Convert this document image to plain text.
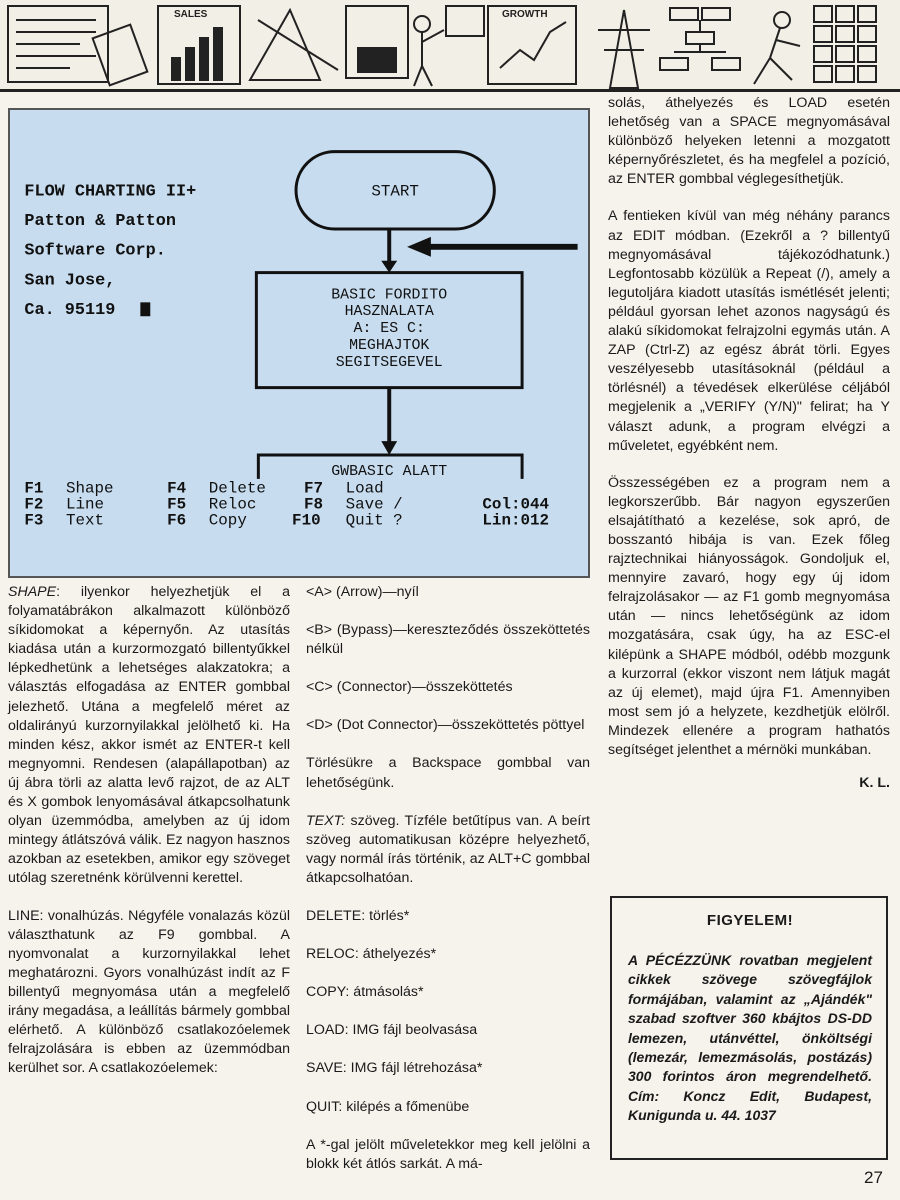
SALES	GROWTH
FLOW CHARTING II+
Patton & Patton
Software Corp.
San Jose,
Ca. 95119
START
BASIC FORDITO
HASZNALATA
A: ES C:
MEGHAJTOK
SEGITSEGEVEL
GWBASIC ALATT
F1
F2
F3
F4
F5
F6
F7
F8
F10
Shape
Line
Text
Delete
Reloc
Copy
Load
Save /
Quit ?
Col:044
Lin:012

SHAPE: ilyenkor helyezhetjük el a folyamatábrákon alkalmazott különböző síkidomokat a képernyőn. Az utasítás kiadása után a kurzormozgató billentyűkkel lépkedhetünk a lehetséges alakzatokra; a választás elfogadása az ENTER gombbal jelezhető. Utána a megfelelő méret az oldalirányú kurzornyilakkal jelölhető ki. Ha minden kész, akkor ismét az ENTER-t kell megnyomni. Rendesen (alapállapotban) az új ábra törli az alatta levő rajzot, de az ALT és X gombok lenyomásával átkapcsolhatunk olyan üzemmódba, amelyben az új idom mintegy átlátszóvá válik. Ez nagyon hasznos azokban az esetekben, amikor egy szöveget utólag szeretnénk körülvenni kerettel.

LINE: vonalhúzás. Négyféle vonalazás közül választhatunk az F9 gombbal. A nyomvonalat a kurzornyilakkal lehet meghatározni. Gyors vonalhúzást indít az F billentyű megnyomása után a megfelelő irány megadása, a leállítás bármely gombbal elérhető. A különböző csatlakozóelemek felrajzolására is ebben az üzemmódban kerülhet sor. A csatlakozóelemek:

<A> (Arrow)—nyíl

<B> (Bypass)—kereszteződés összeköttetés nélkül

<C> (Connector)—összeköttetés

<D> (Dot Connector)—összeköttetés pöttyel

Törlésükre a Backspace gombbal van lehetőségünk.

TEXT: szöveg. Tízféle betűtípus van. A beírt szöveg automatikusan középre helyezhető, vagy normál írás történik, az ALT+C gombbal átkapcsolhatóan.

DELETE: törlés*

RELOC: áthelyezés*

COPY: átmásolás*

LOAD: IMG fájl beolvasása

SAVE: IMG fájl létrehozása*

QUIT: kilépés a főmenübe

A *-gal jelölt műveletekkor meg kell jelölni a blokk két átlós sarkát. A má-

solás, áthelyezés és LOAD esetén lehetőség van a SPACE megnyomásával különböző helyeken letenni a mozgatott képernyőrészletet, és ha megfelel a pozíció, az ENTER gombbal véglegesíthetjük.

A fentieken kívül van még néhány parancs az EDIT módban. (Ezekről a ? billentyű megnyomásával tájékozódhatunk.) Legfontosabb közülük a Repeat (/), amely a legutoljára kiadott utasítás ismétlését jelenti; például gyorsan lehet azonos nagyságú és alakú síkidomokat felrajzolni egymás után. A ZAP (Ctrl-Z) az egész ábrát törli. Egyes veszélyesebb utasításoknál (például a törlésnél) a tévedések elkerülése céljából megjelenik a „VERIFY (Y/N)" felirat; ha Y választ adunk, a program elvégzi a műveletet, egyébként nem.

Összességében ez a program nem a legkorszerűbb. Bár nagyon egyszerűen elsajátítható a kezelése, sok apró, de bosszantó hibája is van. Ezek főleg rajztechnikai hiányosságok. Gondoljuk el, mennyire zavaró, hogy egy új idom felrajzolásakor — az F1 gomb megnyomása után — nincs lehetőségünk az idom mozgatására, csak úgy, ha az ESC-el kilépünk a SHAPE módból, odébb mozgunk a kurzorral (ekkor viszont nem látjuk magát az új elemet), majd újra F1. Amennyiben most sem jó a helyzete, kezdhetjük elölről. Mindezek ellenére a program hathatós segítséget jelenthet a mérnöki munkában.

K. L.

FIGYELEM!

A PÉCÉZZÜNK rovatban megjelent cikkek szövege szövegfájlok formájában, valamint az „Ajándék" szabad szoftver 360 kbájtos DS-DD lemezen, utánvéttel, önköltségi (lemezár, lemezmásolás, postázás) 300 forintos áron megrendelhető. Cím: Koncz Edit, Budapest, Kunigunda u. 44. 1037

27
